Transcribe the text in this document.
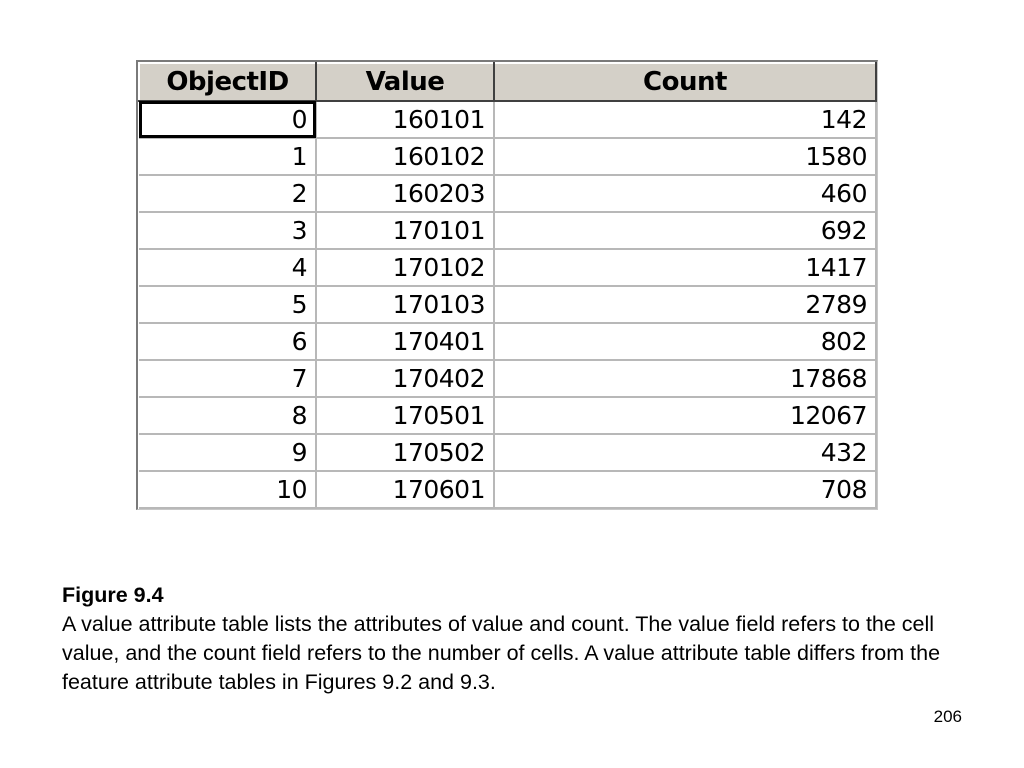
ObjectID	Value	Count
0	160101	142
1	160102	1580
2	160203	460
3	170101	692
4	170102	1417
5	170103	2789
6	170401	802
7	170402	17868
8	170501	12067
9	170502	432
10	170601	708
Figure 9.4
A value attribute table lists the attributes of value and count. The value field refers to the cell value, and the count field refers to the number of cells. A value attribute table differs from the feature attribute tables in Figures 9.2 and 9.3.
206
